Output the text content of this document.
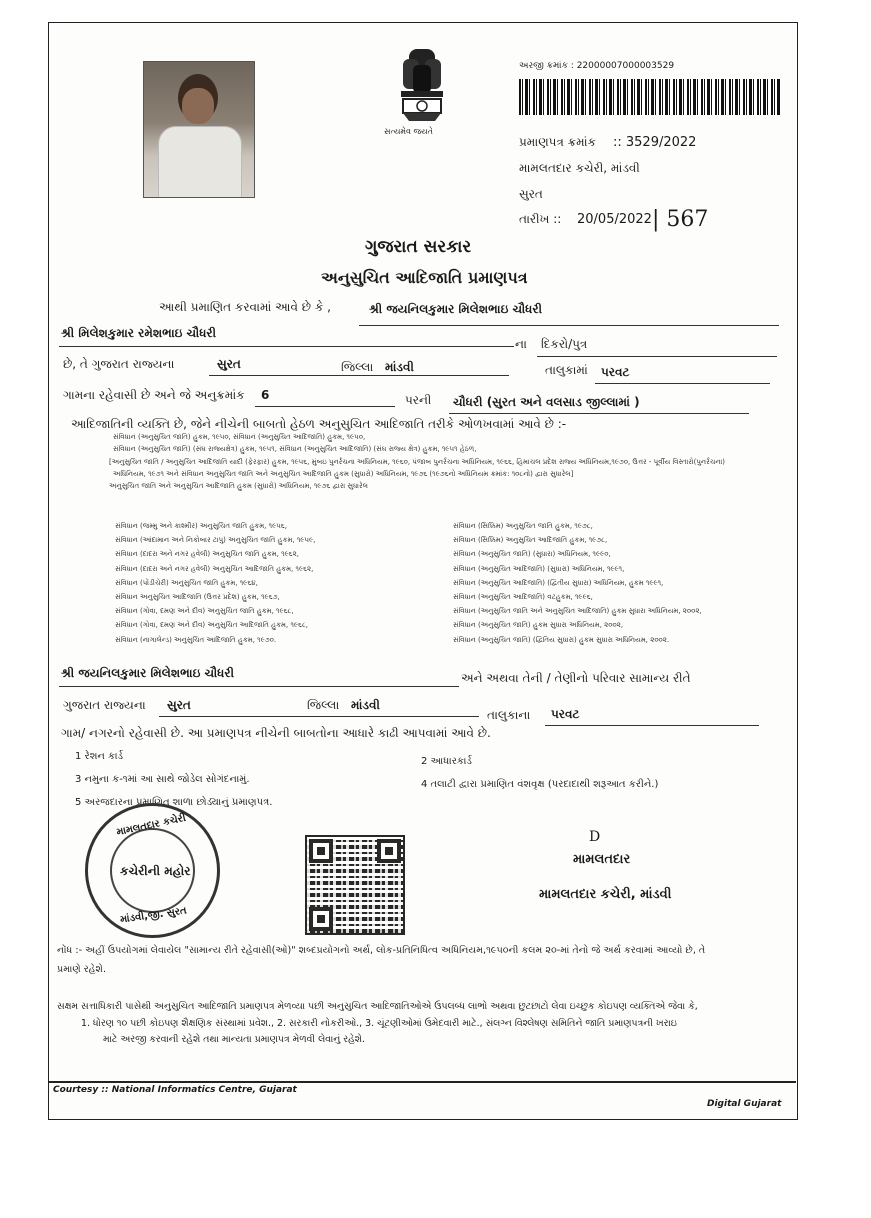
સત્યમેવ જયતે
અરજી ક્રમાંક : 22000007000003529
પ્રમાણપત્ર ક્રમાંક :: 3529/2022
મામલતદાર કચેરી, માંડવી
સુરત
તારીખ :: 20/05/2022 | 567
ગુજરાત સરકાર
અનુસુચિત આદિજાતિ પ્રમાણપત્ર
આથી પ્રમાણિત કરવામાં આવે છે કે ,	શ્રી જયનિલકુમાર મિલેશભાઇ ચૌધરી
શ્રી મિલેશકુમાર રમેશભાઇ ચૌધરી
ના દિકરો/પુત્ર
છે, તે ગુજરાત રાજ્યના	સુરત	જિલ્લા માંડવી	તાલુકામાં પરવટ
ગામના રહેવાસી છે અને જે અનુક્રમાંક 6	પરની ચૌધરી (સુરત અને વલસાડ જીલ્લામાં )
આદિજાતિની વ્યક્તિ છે, જેને નીચેની બાબતો હેઠળ અનુસુચિત આદિજાતિ તરીકે ઓળખવામાં આવે છે :-
સંવિધાન (અનુસુચિત જાતિ) હુકમ, ૧૯૫૦, સંવિધાન (અનુસુચિત આદિજાતિ) હુકમ, ૧૯૫૦,
સંવિધાન (અનુસુચિત જાતિ) (સંઘ રાજ્યક્ષેત્ર) હુકમ, ૧૯૫૧, સંવિધાન (અનુસુચિત આદિજાતિ) (સંઘ રાજ્ય ક્ષેત્ર) હુકમ, ૧૯૫૧ હેઠળ,
[અનુસુચિત જાતિ / અનુસુચિત આદિજાતિ યાદી (ફેરફાર) હુકમ, ૧૯૫૬, મુંબઇ પુનર્રચના અધિનિયમ, ૧૯૬૦, પંજાબ પુનર્રચના અધિનિયમ, ૧૯૬૬, હિમાચલ પ્રદેશ રાજ્ય અધિનિયમ,૧૯૭૦, ઉત્તર - પૂર્વીય વિસ્તારો(પુનર્રચના)
અધિનિયમ, ૧૯૭૧ અને સંવિધાન અનુસુચિત જાતિ અને અનુસુચિત આદિજાતિ હુકમ (સુધારો) અધિનિયમ, ૧૯૭૬ (૧૯૭૬નો અધિનિયમ ક્રમાંક: ૧૦૮નો) દ્વારા સુધારેલ]
અનુસુચિત જાતિ અને અનુસુચિત આદિજાતિ હુકમ (સુધારો) અધિનિયમ, ૧૯૭૬ દ્વારા સુધારેલ
સંવિધાન (જમ્મુ અને કાશ્મીર) અનુસુચિત જાતિ હુકમ, ૧૯૫૬,
સંવિધાન (આંદામાન અને નિકોબાર ટાપુ) અનુસુચિત જાતિ હુકમ, ૧૯૫૯,
સંવિધાન (દાદરા અને નગર હવેલી) અનુસુચિત જાતિ હુકમ, ૧૯૬૨,
સંવિધાન (દાદરા અને નગર હવેલી) અનુસુચિત આદિજાતિ હુકમ, ૧૯૬૨,
સંવિધાન (પોંડીચેરી) અનુસુચિત જાતિ હુકમ, ૧૯૬૪,
સંવિધાન અનુસુચિત આદિજાતિ (ઉત્તર પ્રદેશ) હુકમ, ૧૯૬૭,
સંવિધાન (ગોવા, દમણ અને દીવ) અનુસુચિત જાતિ હુકમ, ૧૯૬૮,
સંવિધાન (ગોવા, દમણ અને દીવ) અનુસુચિત આદિજાતિ હુકમ, ૧૯૬૮,
સંવિધાન (નાગાલેન્ડ) અનુસુચિત આદિજાતિ હુકમ, ૧૯૭૦.
સંવિધાન (સિક્કિમ) અનુસુચિત જાતિ હુકમ, ૧૯૭૮,
સંવિધાન (સિક્કિમ) અનુસુચિત આદિજાતિ હુકમ, ૧૯૭૮,
સંવિધાન (અનુસુચિત જાતિ) (સુધારા) અધિનિયમ, ૧૯૯૦,
સંવિધાન (અનુસુચિત આદિજાતિ) (સુધારા) અધિનિયમ, ૧૯૯૧,
સંવિધાન (અનુસુચિત આદિજાતિ) (દ્વિતીય સુધારા) અધિનિયમ, હુકમ ૧૯૯૧,
સંવિધાન (અનુસુચિત આદિજાતિ) વટહુકમ, ૧૯૯૬,
સંવિધાન (અનુસુચિત જાતિ અને અનુસુચિત આદિજાતિ) હુકમ સુધારા અધિનિયમ, ૨૦૦૨,
સંવિધાન (અનુસુચિત જાતિ) હુકમ સુધારા અધિનિયમ, ૨૦૦૨,
સંવિધાન (અનુસુચિત જાતિ) (દ્વિતિય સુધારા) હુકમ સુધારા અધિનિયમ, ૨૦૦૨.
શ્રી જયનિલકુમાર મિલેશભાઇ ચૌધરી	અને અથવા તેની / તેણીનો પરિવાર સામાન્ય રીતે
ગુજરાત રાજ્યના સુરત	જિલ્લા માંડવી
તાલુકાના પરવટ
ગામ/ નગરનો રહેવાસી છે. આ પ્રમાણપત્ર નીચેની બાબતોના આધારે કાઢી આપવામાં આવે છે.
1 રેશન કાર્ડ	2 આધારકાર્ડ
3 નમુના ક-૧માં આ સાથે જોડેલ સોગંદનામું.	4 તલાટી દ્વારા પ્રમાણિત વંશવૃક્ષ (પરદાદાથી શરૂઆત કરીને.)
5 અરજદારના પ્રમાણિત શાળા છોડ્યાનું પ્રમાણપત્ર.
મામલતદાર કચેરી
કચેરીની મહોર
માંડવી,જી. સુરત
D
મામલતદાર
મામલતદાર કચેરી, માંડવી
નોંધ :- અહીં ઉપયોગમાં લેવાયેલ "સામાન્ય રીતે રહેવાસી(ઓ)" શબ્દપ્રયોગનો અર્થ, લોક-પ્રતિનિધિત્વ અધિનિયમ,૧૯૫૦ની કલમ ૨૦-માં તેનો જે અર્થ કરવામાં આવ્યો છે, તે
પ્રમાણે રહેશે.
સક્ષમ સત્તાધિકારી પાસેથી અનુસુચિત આદિજાતિ પ્રમાણપત્ર મેળવ્યા પછી અનુસુચિત આદિજાતિઓએ ઉપલબ્ધ લાભો અથવા છુટછાટો લેવા ઇચ્છુક કોઇપણ વ્યક્તિએ જેવા કે,
1. ધોરણ ૧૦ પછી કોઇપણ શૈક્ષણિક સંસ્થામાં પ્રવેશ., 2. સરકારી નોકરીઓ., 3. ચૂંટણીઓમાં ઉમેદવારી માટે., સંલગ્ન વિશ્લેષણ સમિતિને જાતિ પ્રમાણપત્રની ખરાઇ
માટે અરજી કરવાની રહેશે તથા માન્યતા પ્રમાણપત્ર મેળવી લેવાનું રહેશે.
Courtesy :: National Informatics Centre, Gujarat
Digital Gujarat
